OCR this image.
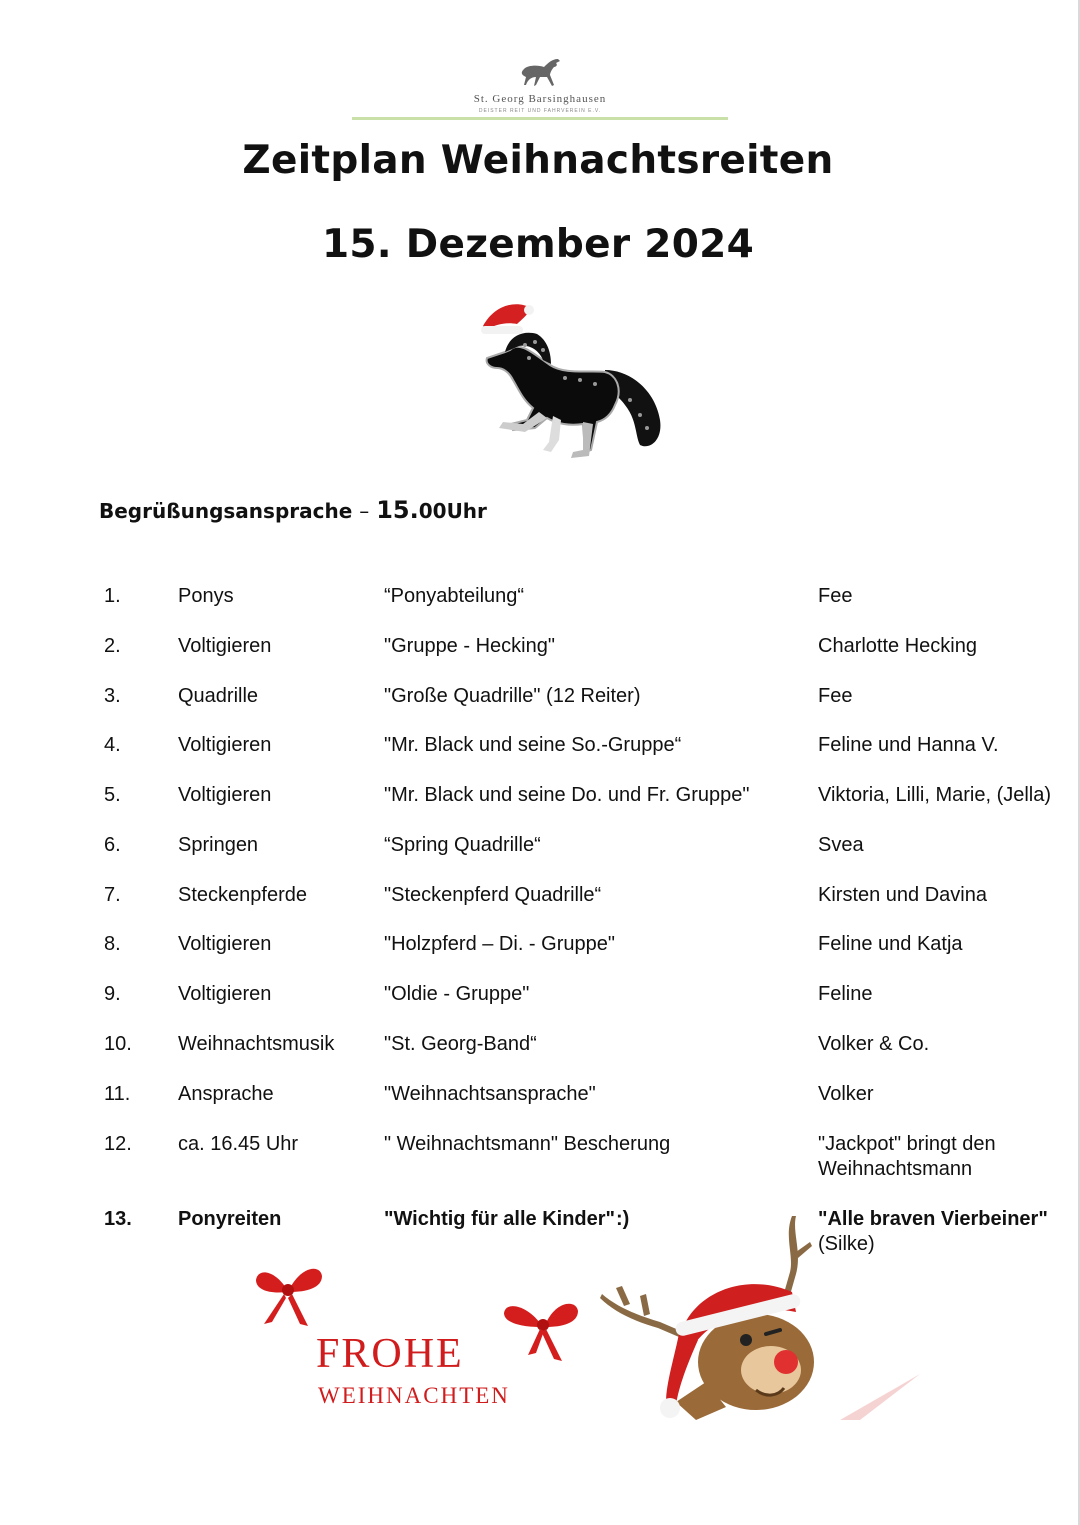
St. Georg Barsinghausen
DEISTER REIT UND FAHRVEREIN E.V.
Zeitplan Weihnachtsreiten
15. Dezember 2024
Begrüßungsansprache – 15.00Uhr
1.	Ponys	“Ponyabteilung“	Fee
2.	Voltigieren	"Gruppe - Hecking"	Charlotte Hecking
3.	Quadrille	"Große Quadrille" (12 Reiter)	Fee
4.	Voltigieren	"Mr. Black und seine So.-Gruppe“	Feline und Hanna V.
5.	Voltigieren	"Mr. Black und seine Do. und Fr. Gruppe"	Viktoria, Lilli, Marie, (Jella)
6.	Springen	“Spring Quadrille“	Svea
7.	Steckenpferde	"Steckenpferd Quadrille“	Kirsten und Davina
8.	Voltigieren	"Holzpferd – Di. - Gruppe"	Feline und Katja
9.	Voltigieren	"Oldie - Gruppe"	Feline
10. Weihnachtsmusik "St. Georg-Band“	Volker & Co.
11. Ansprache	"Weihnachtsansprache"	Volker
12. ca. 16.45 Uhr	" Weihnachtsmann" Bescherung	"Jackpot" bringt den
Weihnachtsmann
13. Ponyreiten	"Wichtig für alle Kinder" :)	"Alle braven Vierbeiner"
(Silke)
FROHE
WEIHNACHTEN
